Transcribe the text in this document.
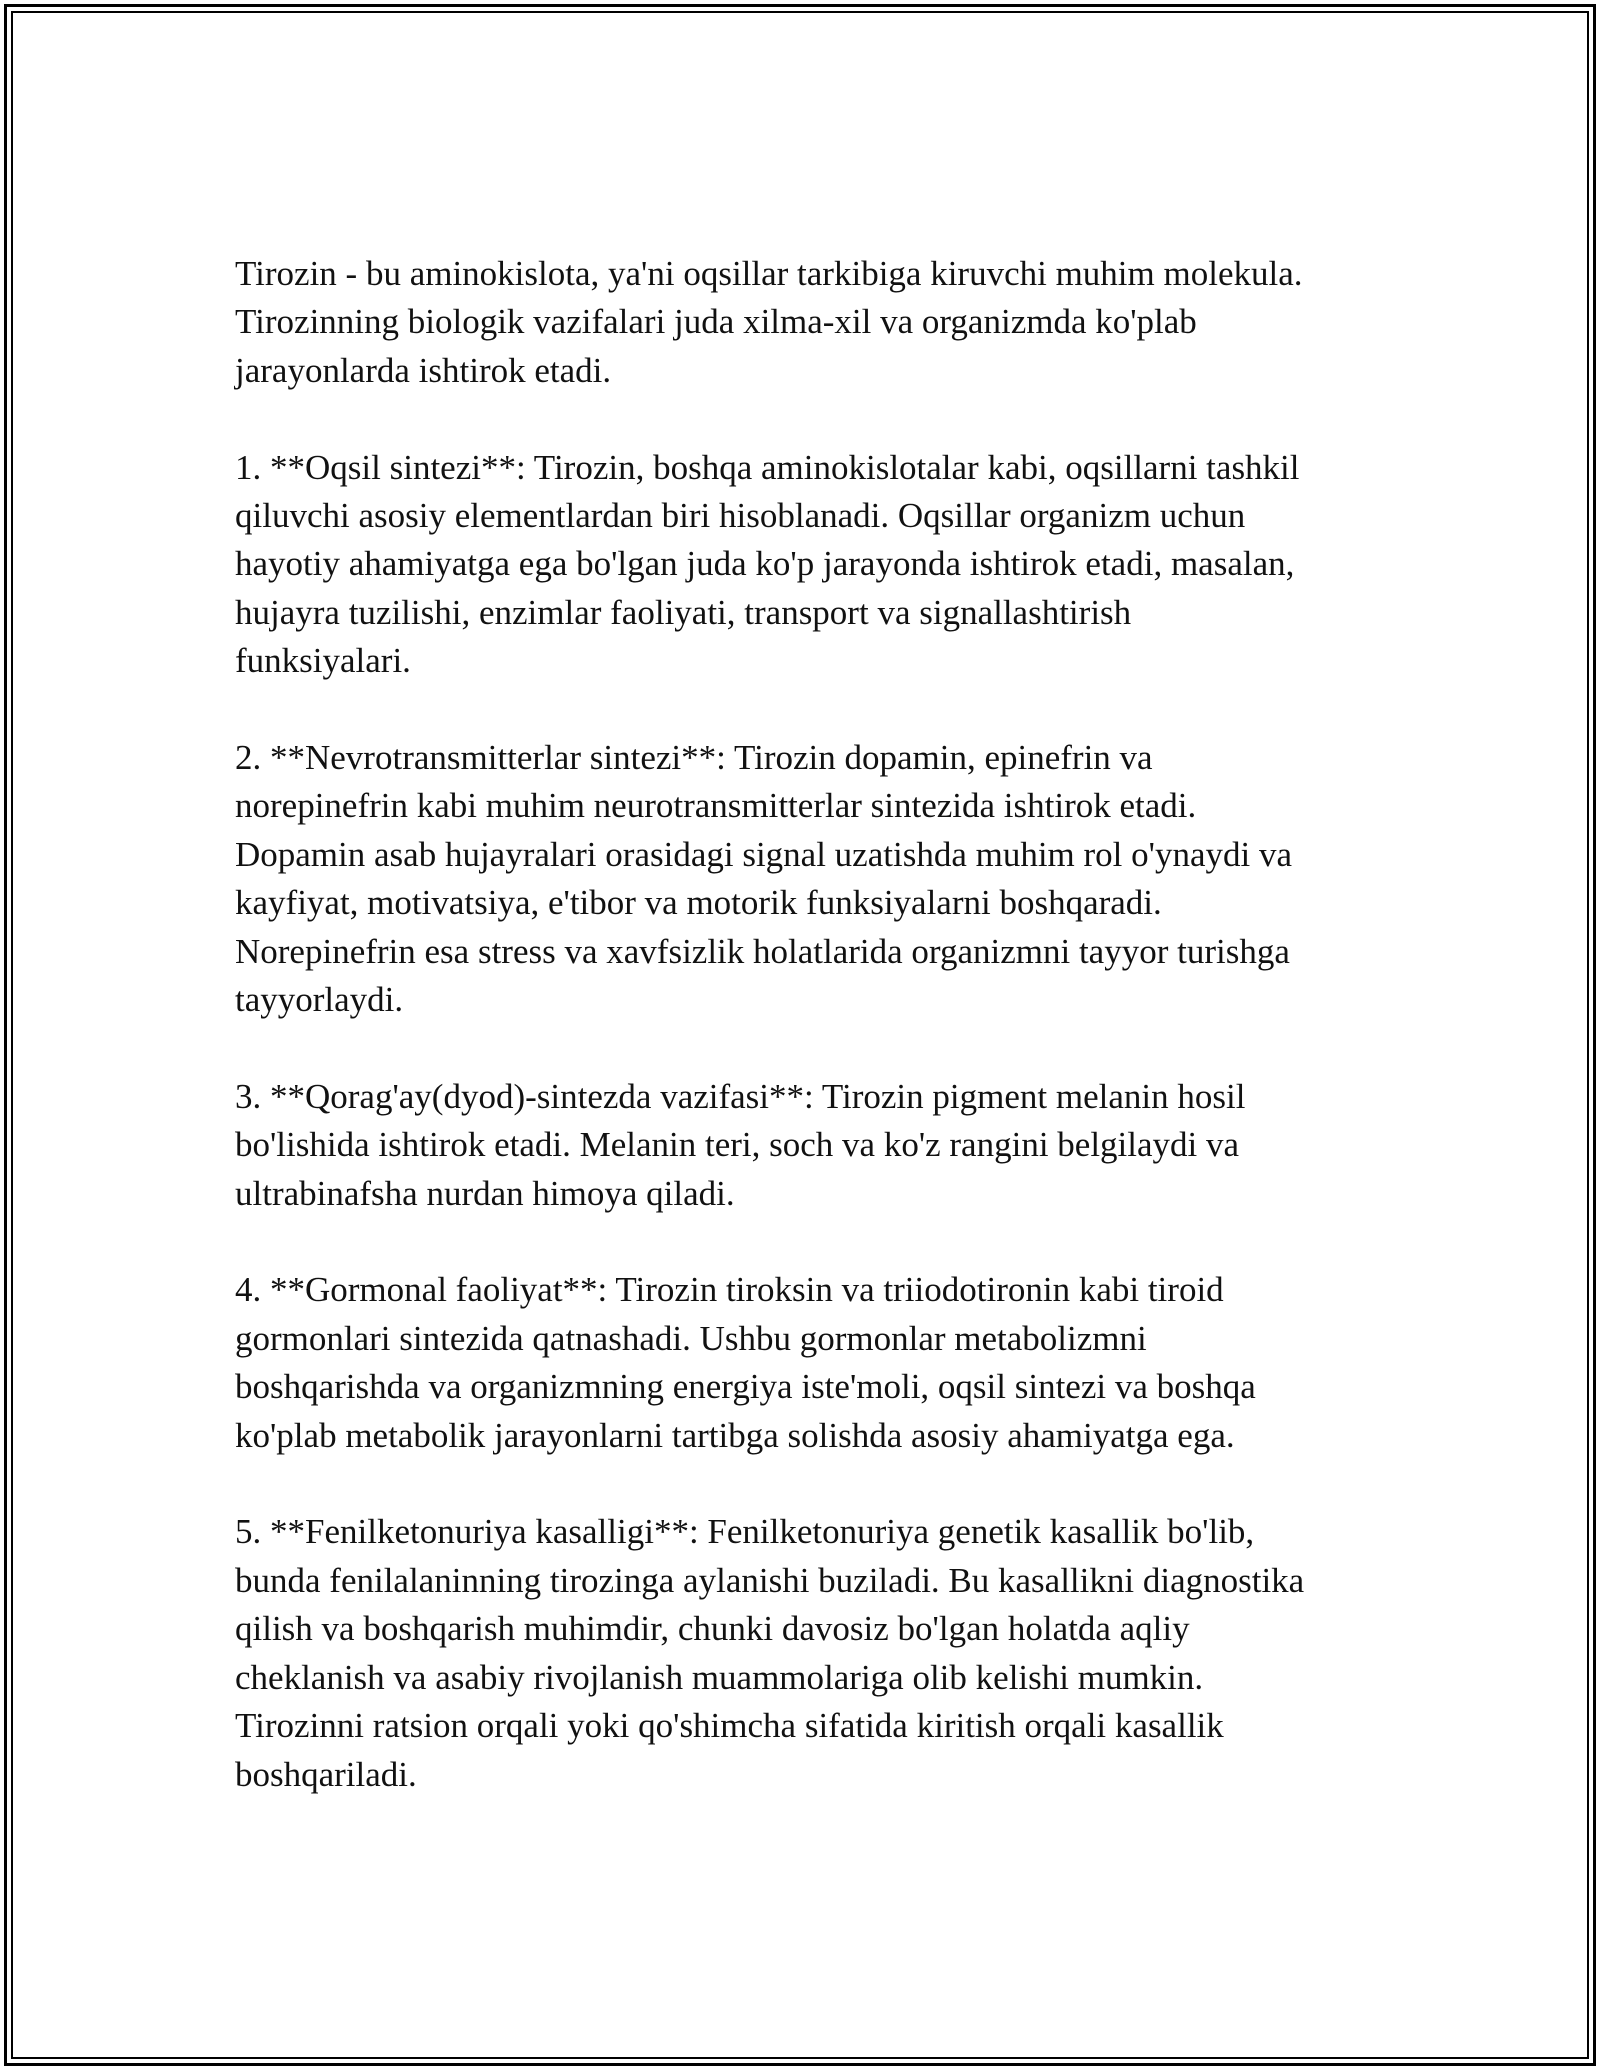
Tirozin - bu aminokislota, ya'ni oqsillar tarkibiga kiruvchi muhim molekula.
Tirozinning biologik vazifalari juda xilma-xil va organizmda ko'plab
jarayonlarda ishtirok etadi.
1. **Oqsil sintezi**: Tirozin, boshqa aminokislotalar kabi, oqsillarni tashkil
qiluvchi asosiy elementlardan biri hisoblanadi. Oqsillar organizm uchun
hayotiy ahamiyatga ega bo'lgan juda ko'p jarayonda ishtirok etadi, masalan,
hujayra tuzilishi, enzimlar faoliyati, transport va signallashtirish
funksiyalari.
2. **Nevrotransmitterlar sintezi**: Tirozin dopamin, epinefrin va
norepinefrin kabi muhim neurotransmitterlar sintezida ishtirok etadi.
Dopamin asab hujayralari orasidagi signal uzatishda muhim rol o'ynaydi va
kayfiyat, motivatsiya, e'tibor va motorik funksiyalarni boshqaradi.
Norepinefrin esa stress va xavfsizlik holatlarida organizmni tayyor turishga
tayyorlaydi.
3. **Qorag'ay(dyod)-sintezda vazifasi**: Tirozin pigment melanin hosil
bo'lishida ishtirok etadi. Melanin teri, soch va ko'z rangini belgilaydi va
ultrabinafsha nurdan himoya qiladi.
4. **Gormonal faoliyat**: Tirozin tiroksin va triiodotironin kabi tiroid
gormonlari sintezida qatnashadi. Ushbu gormonlar metabolizmni
boshqarishda va organizmning energiya iste'moli, oqsil sintezi va boshqa
ko'plab metabolik jarayonlarni tartibga solishda asosiy ahamiyatga ega.
5. **Fenilketonuriya kasalligi**: Fenilketonuriya genetik kasallik bo'lib,
bunda fenilalaninning tirozinga aylanishi buziladi. Bu kasallikni diagnostika
qilish va boshqarish muhimdir, chunki davosiz bo'lgan holatda aqliy
cheklanish va asabiy rivojlanish muammolariga olib kelishi mumkin.
Tirozinni ratsion orqali yoki qo'shimcha sifatida kiritish orqali kasallik
boshqariladi.
